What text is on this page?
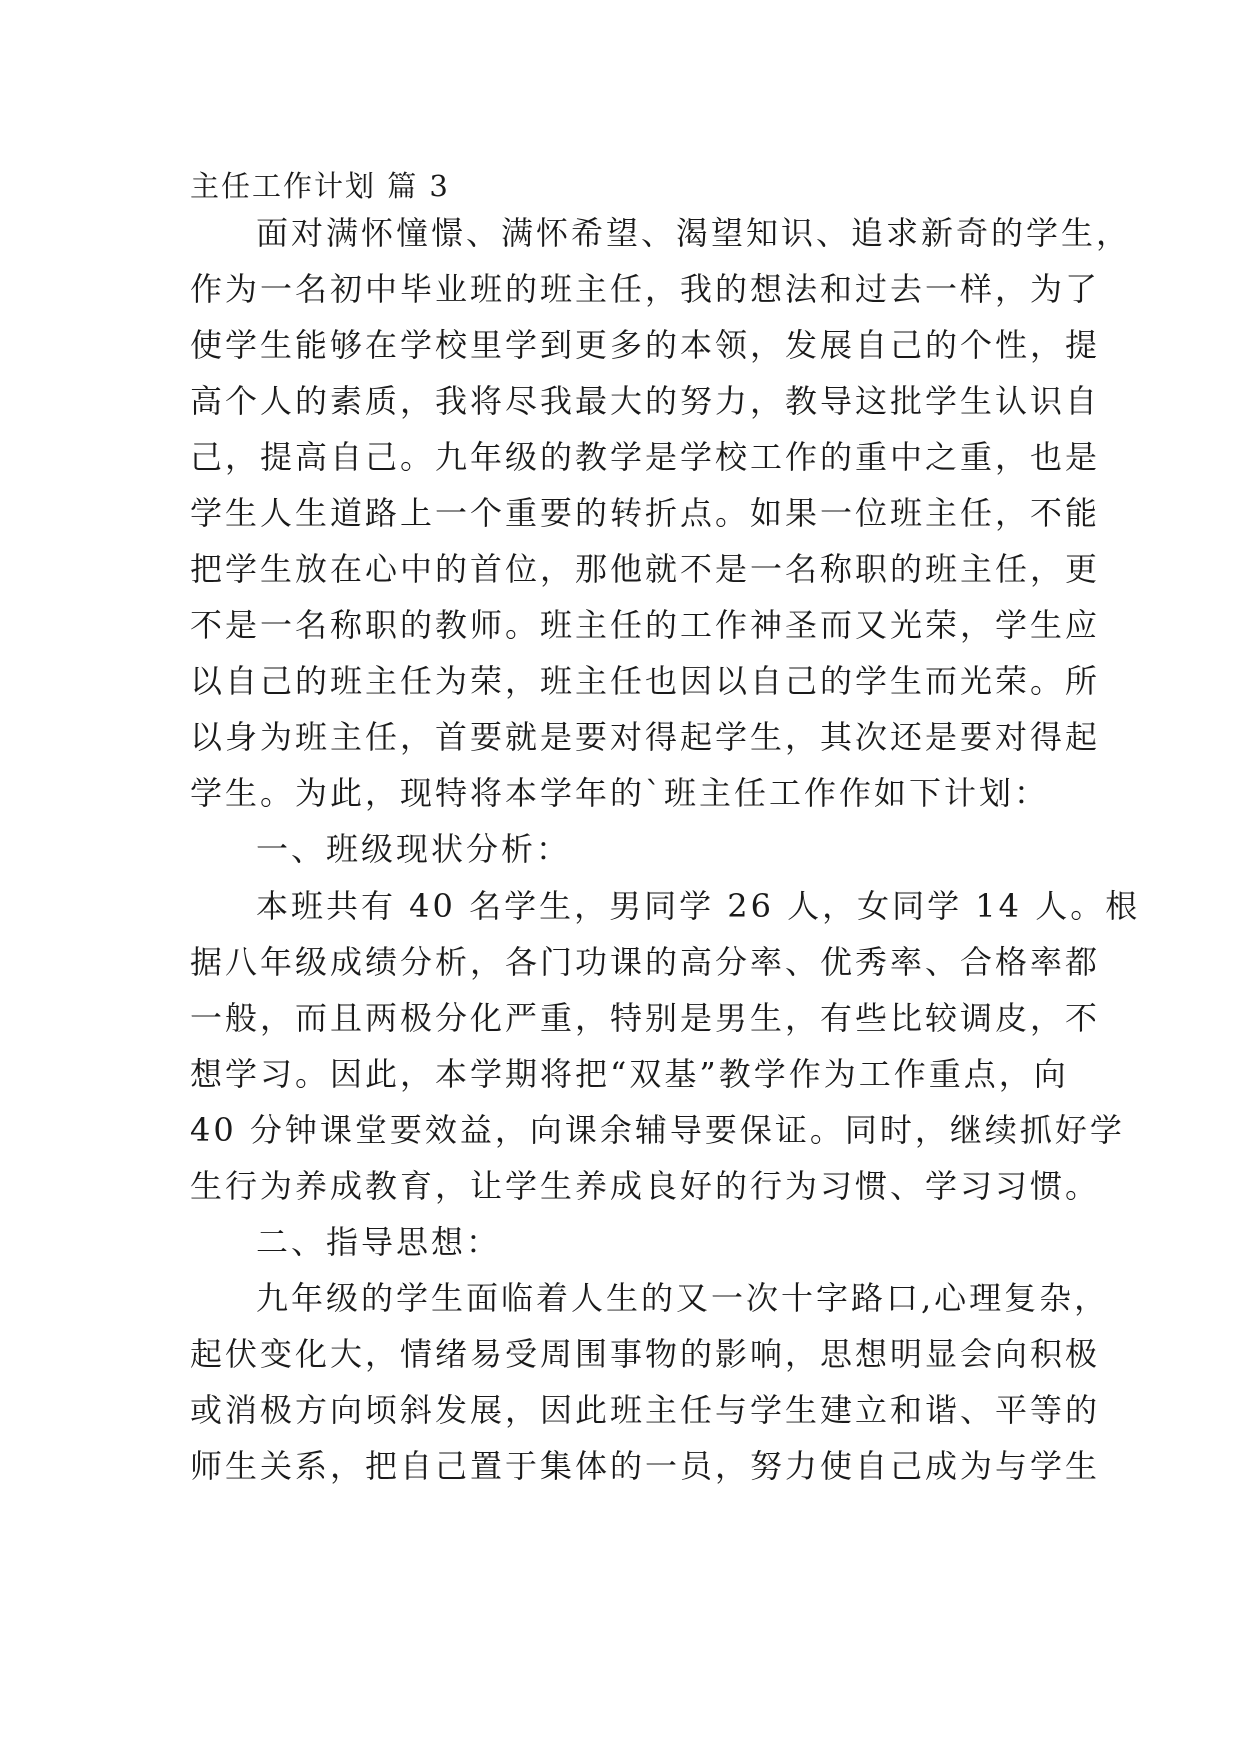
主任工作计划 篇 3
面对满怀憧憬、满怀希望、渴望知识、追求新奇的学生，
作为一名初中毕业班的班主任，我的想法和过去一样，为了
使学生能够在学校里学到更多的本领，发展自己的个性，提
高个人的素质，我将尽我最大的努力，教导这批学生认识自
己，提高自己。九年级的教学是学校工作的重中之重，也是
学生人生道路上一个重要的转折点。如果一位班主任，不能
把学生放在心中的首位，那他就不是一名称职的班主任，更
不是一名称职的教师。班主任的工作神圣而又光荣，学生应
以自己的班主任为荣，班主任也因以自己的学生而光荣。所
以身为班主任，首要就是要对得起学生，其次还是要对得起
学生。为此，现特将本学年的`班主任工作作如下计划：
一、班级现状分析：
本班共有 40 名学生，男同学 26 人，女同学 14 人。根
据八年级成绩分析，各门功课的高分率、优秀率、合格率都
一般，而且两极分化严重，特别是男生，有些比较调皮，不
想学习。因此，本学期将把“双基”教学作为工作重点，向
40 分钟课堂要效益，向课余辅导要保证。同时，继续抓好学
生行为养成教育，让学生养成良好的行为习惯、学习习惯。
二、指导思想：
九年级的学生面临着人生的又一次十字路口,心理复杂，
起伏变化大，情绪易受周围事物的影响，思想明显会向积极
或消极方向顷斜发展，因此班主任与学生建立和谐、平等的
师生关系，把自己置于集体的一员，努力使自己成为与学生
